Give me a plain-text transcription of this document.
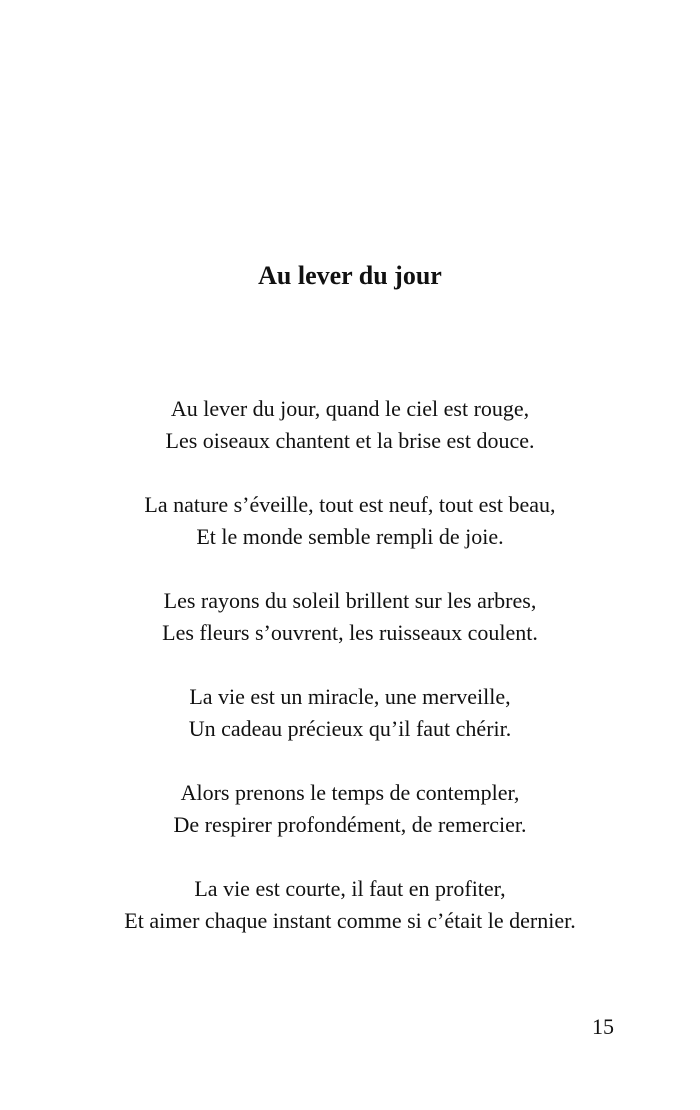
Au lever du jour

Au lever du jour, quand le ciel est rouge,
Les oiseaux chantent et la brise est douce.

La nature s’éveille, tout est neuf, tout est beau,
Et le monde semble rempli de joie.

Les rayons du soleil brillent sur les arbres,
Les fleurs s’ouvrent, les ruisseaux coulent.

La vie est un miracle, une merveille,
Un cadeau précieux qu’il faut chérir.

Alors prenons le temps de contempler,
De respirer profondément, de remercier.

La vie est courte, il faut en profiter,
Et aimer chaque instant comme si c’était le dernier.

15
